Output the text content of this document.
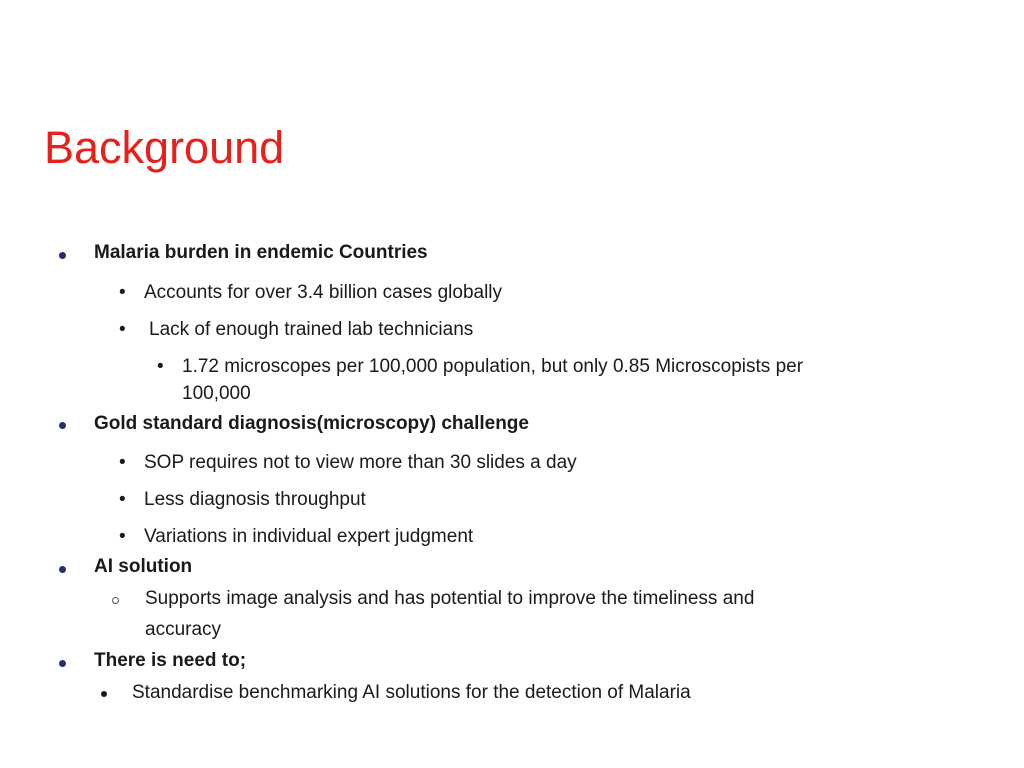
Background
Malaria burden in endemic Countries
• Accounts for over 3.4 billion cases globally
• Lack of enough trained lab technicians
• 1.72 microscopes per 100,000 population, but only 0.85 Microscopists per
100,000
Gold standard diagnosis(microscopy) challenge
• SOP requires not to view more than 30 slides a day
• Less diagnosis throughput
• Variations in individual expert judgment
AI solution
Supports image analysis and has potential to improve the timeliness and
accuracy
There is need to;
Standardise benchmarking AI solutions for the detection of Malaria
